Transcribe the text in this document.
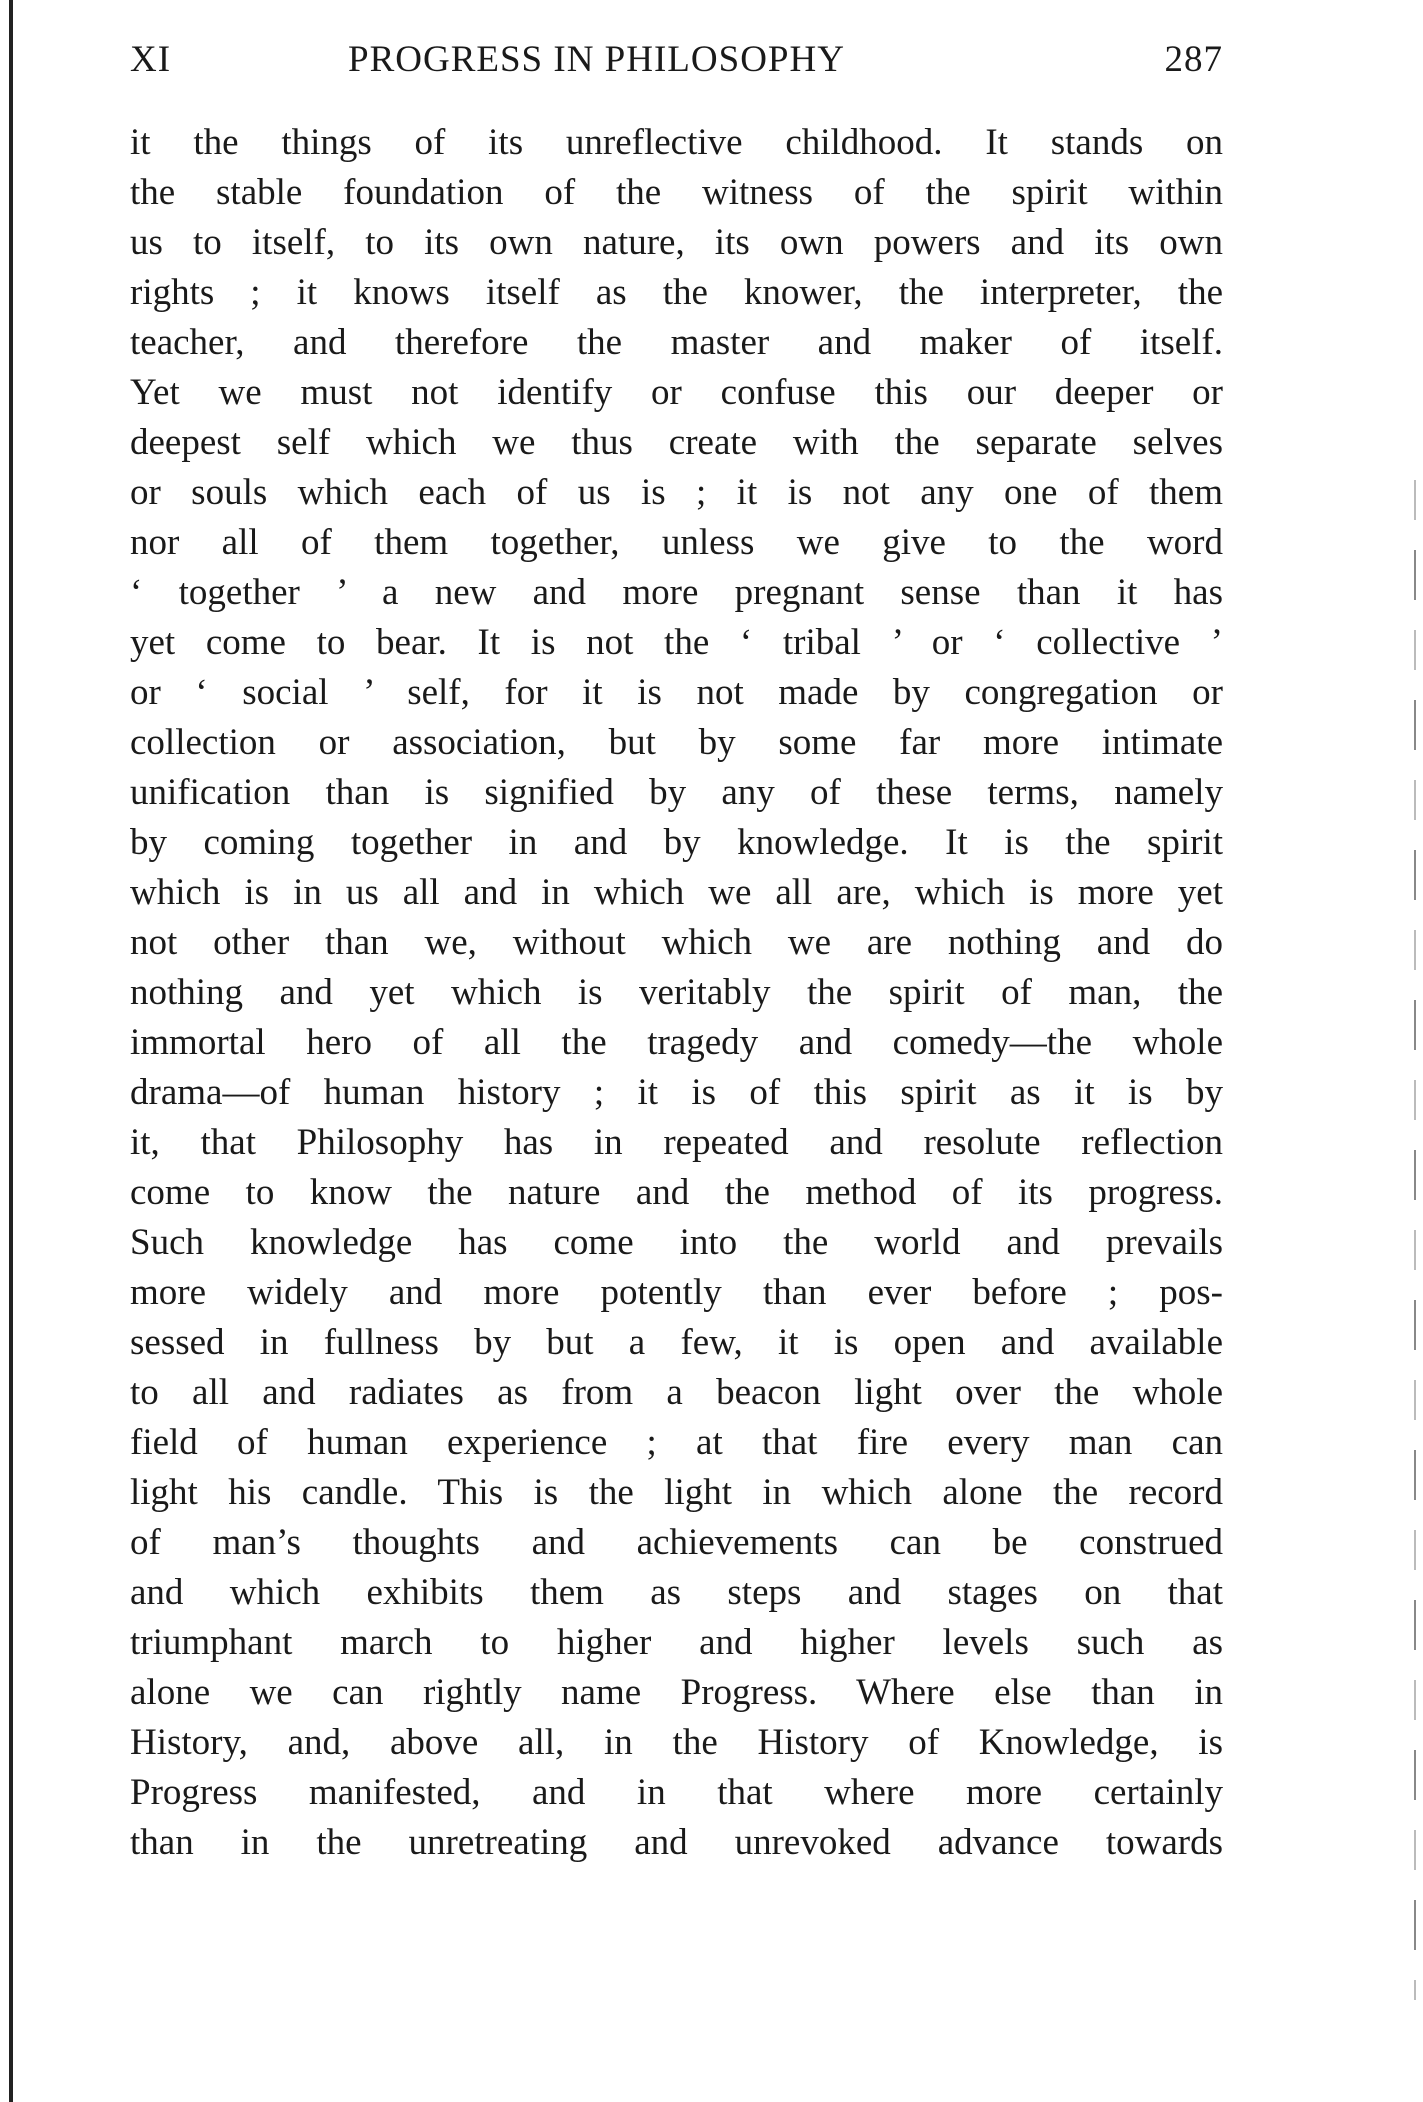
XI	PROGRESS IN PHILOSOPHY	287
it the things of its unreflective childhood. It stands on
the stable foundation of the witness of the spirit within
us to itself, to its own nature, its own powers and its own
rights ; it knows itself as the knower, the interpreter, the
teacher, and therefore the master and maker of itself.
Yet we must not identify or confuse this our deeper or
deepest self which we thus create with the separate selves
or souls which each of us is ; it is not any one of them
nor all of them together, unless we give to the word
‘ together ’ a new and more pregnant sense than it has
yet come to bear. It is not the ‘ tribal ’ or ‘ collective ’
or ‘ social ’ self, for it is not made by congregation or
collection or association, but by some far more intimate
unification than is signified by any of these terms, namely
by coming together in and by knowledge. It is the spirit
which is in us all and in which we all are, which is more yet
not other than we, without which we are nothing and do
nothing and yet which is veritably the spirit of man, the
immortal hero of all the tragedy and comedy—the whole
drama—of human history ; it is of this spirit as it is by
it, that Philosophy has in repeated and resolute reflection
come to know the nature and the method of its progress.
Such knowledge has come into the world and prevails
more widely and more potently than ever before ; pos-
sessed in fullness by but a few, it is open and available
to all and radiates as from a beacon light over the whole
field of human experience ; at that fire every man can
light his candle. This is the light in which alone the record
of man’s thoughts and achievements can be construed
and which exhibits them as steps and stages on that
triumphant march to higher and higher levels such as
alone we can rightly name Progress. Where else than in
History, and, above all, in the History of Knowledge, is
Progress manifested, and in that where more certainly
than in the unretreating and unrevoked advance towards
